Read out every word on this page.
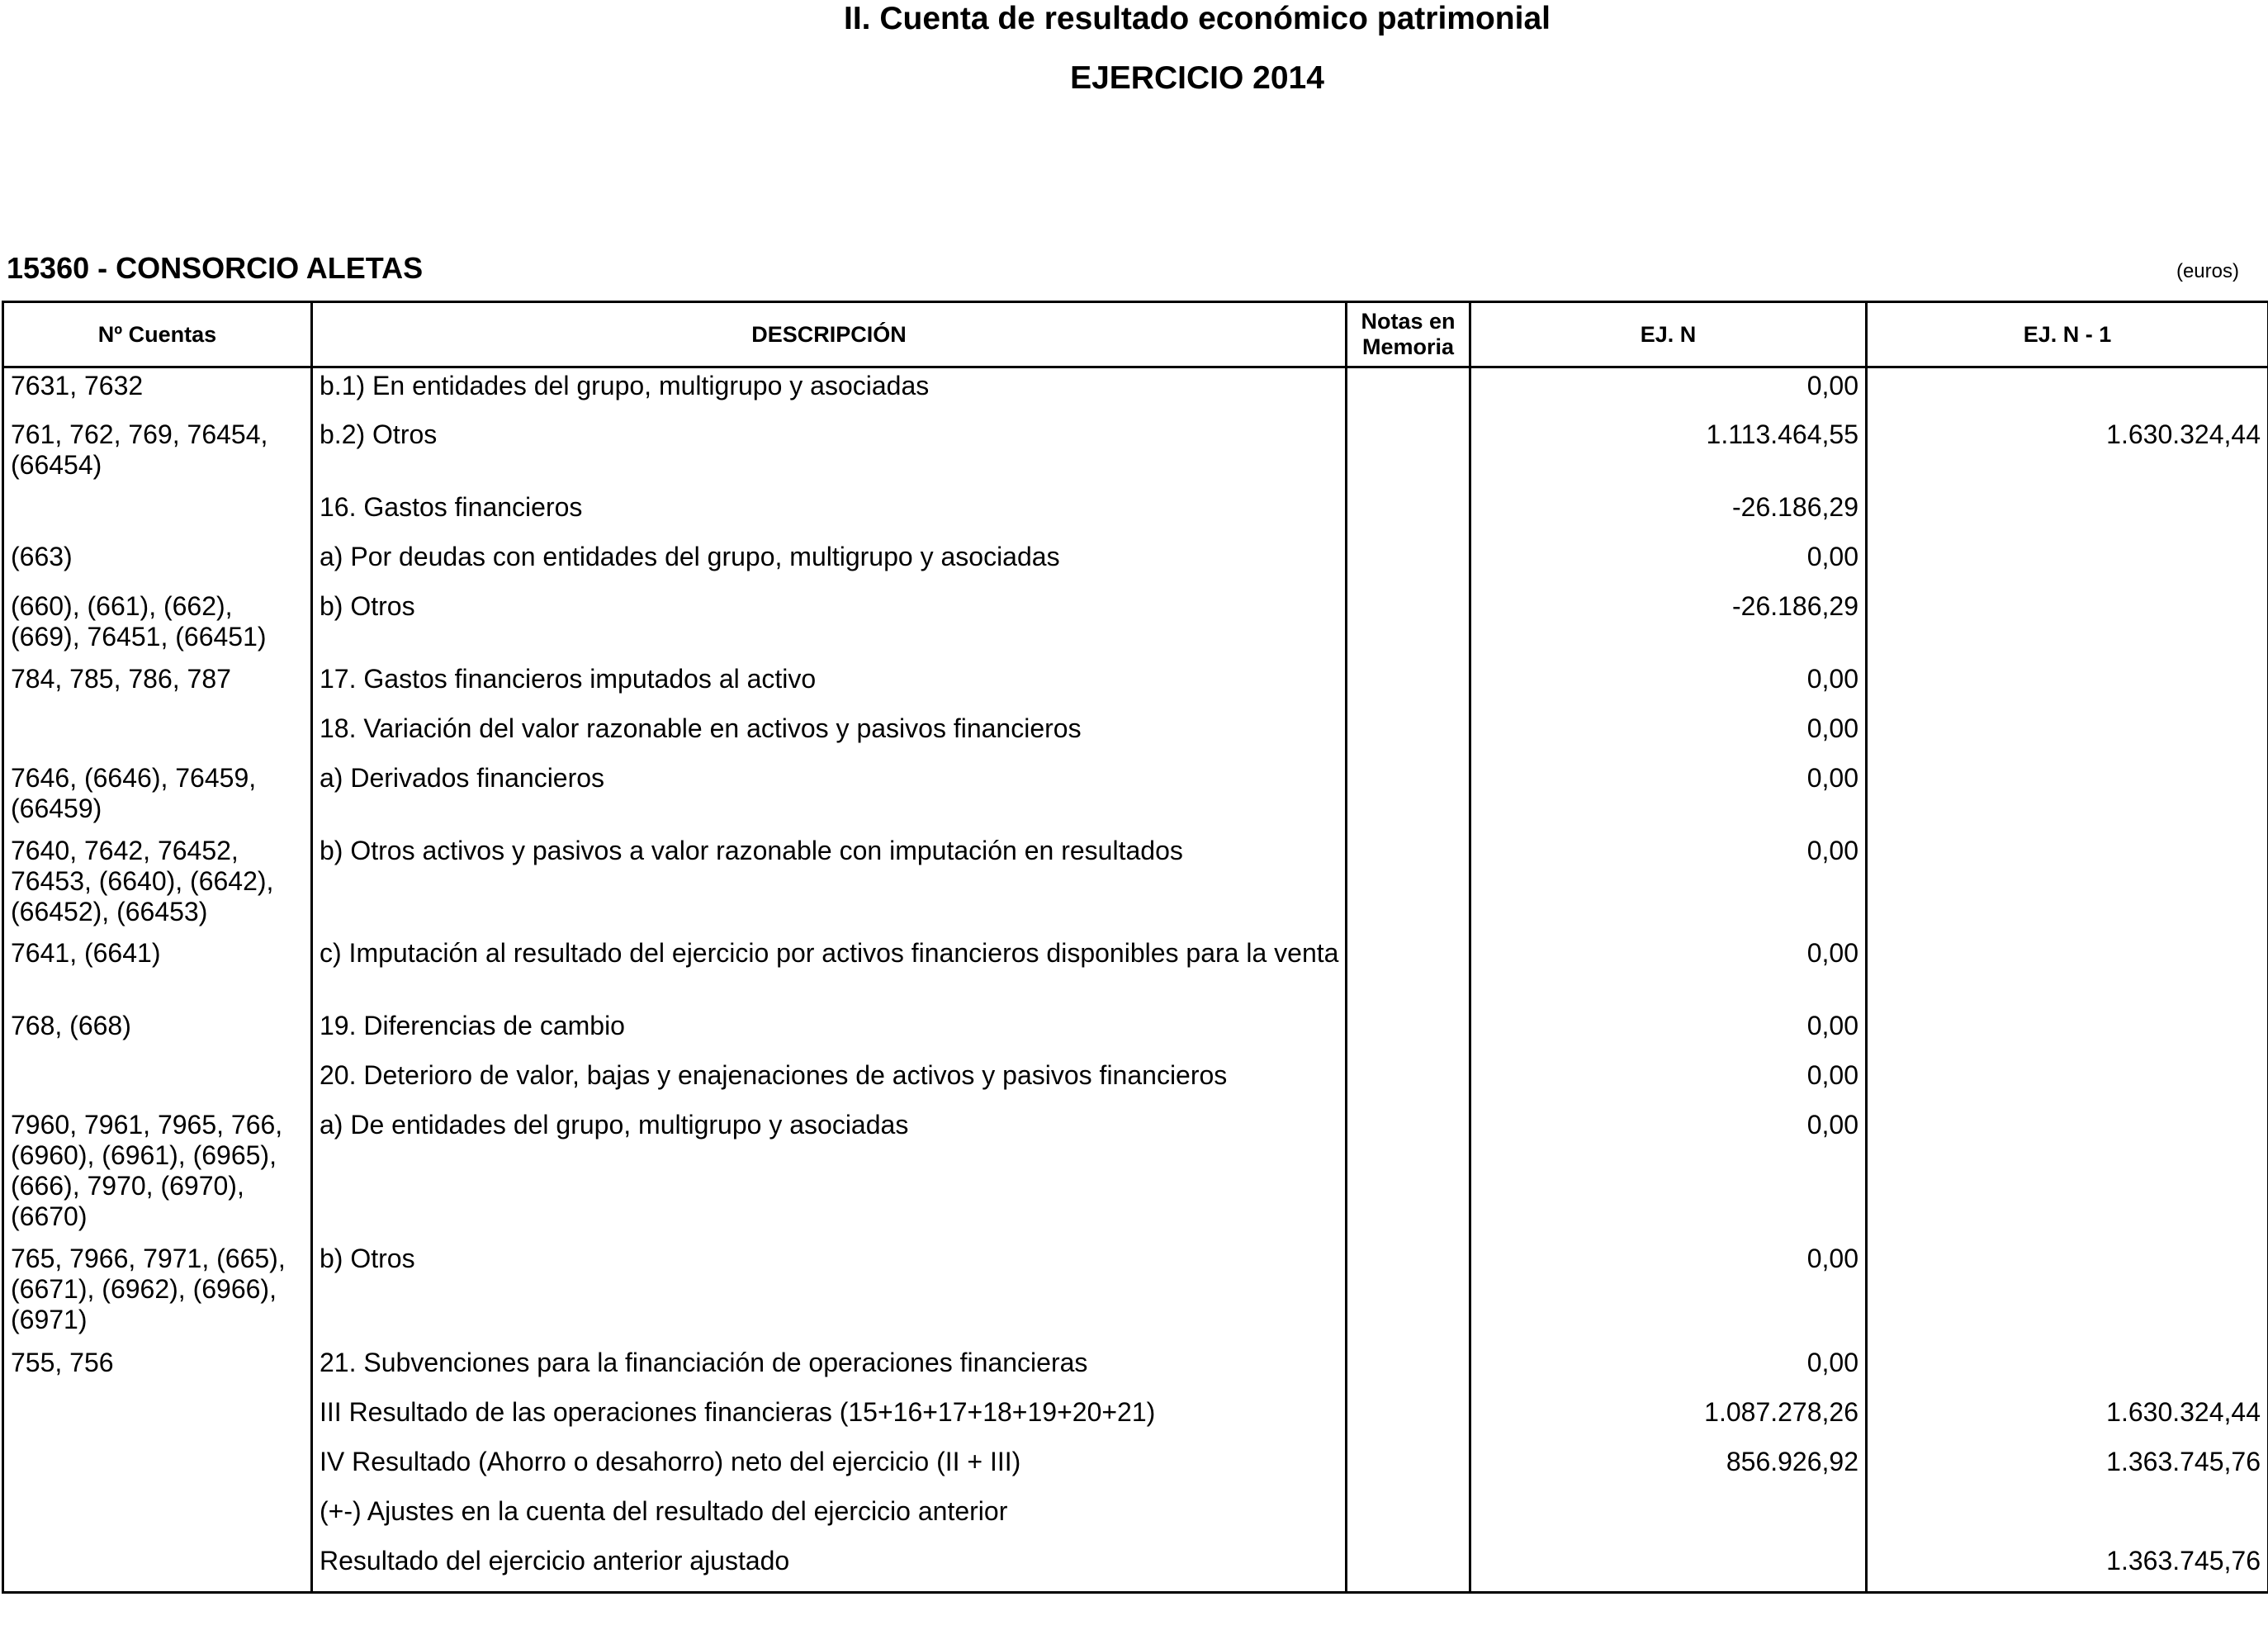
II. Cuenta de resultado económico patrimonial
EJERCICIO 2014
15360 - CONSORCIO ALETAS	(euros)
Nº Cuentas	DESCRIPCIÓN	Notas en Memoria	EJ. N	EJ. N - 1
7631, 7632	b.1) En entidades del grupo, multigrupo y asociadas		0,00	
761, 762, 769, 76454, (66454)	b.2) Otros		1.113.464,55	1.630.324,44
	16. Gastos financieros		-26.186,29	
(663)	a) Por deudas con entidades del grupo, multigrupo y asociadas		0,00	
(660), (661), (662), (669), 76451, (66451)	b) Otros		-26.186,29	
784, 785, 786, 787	17. Gastos financieros imputados al activo		0,00	
	18. Variación del valor razonable en activos y pasivos financieros		0,00	
7646, (6646), 76459, (66459)	a) Derivados financieros		0,00	
7640, 7642, 76452, 76453, (6640), (6642), (66452), (66453)	b) Otros activos y pasivos a valor razonable con imputación en resultados		0,00	
7641, (6641)	c) Imputación al resultado del ejercicio por activos financieros disponibles para la venta		0,00	
768, (668)	19. Diferencias de cambio		0,00	
	20. Deterioro de valor, bajas y enajenaciones de activos y pasivos financieros		0,00	
7960, 7961, 7965, 766, (6960), (6961), (6965), (666), 7970, (6970), (6670)	a) De entidades del grupo, multigrupo y asociadas		0,00	
765, 7966, 7971, (665), (6671), (6962), (6966), (6971)	b) Otros		0,00	
755, 756	21. Subvenciones para la financiación de operaciones financieras		0,00	
	III Resultado de las operaciones financieras (15+16+17+18+19+20+21)		1.087.278,26	1.630.324,44
	IV Resultado (Ahorro o desahorro) neto del ejercicio (II + III)		856.926,92	1.363.745,76
	(+-) Ajustes en la cuenta del resultado del ejercicio anterior			
	Resultado del ejercicio anterior ajustado			1.363.745,76
